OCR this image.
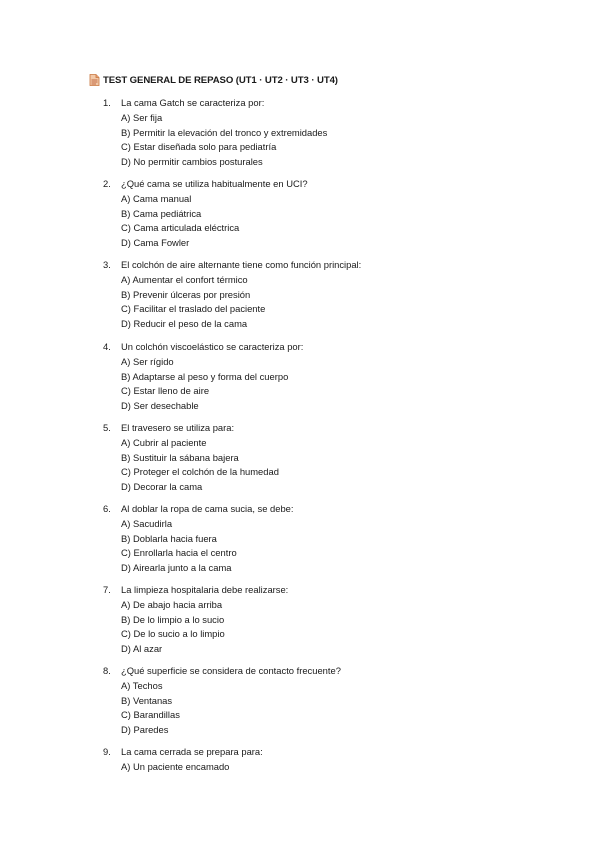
TEST GENERAL DE REPASO (UT1 · UT2 · UT3 · UT4)
1.	La cama Gatch se caracteriza por:
A) Ser fija
B) Permitir la elevación del tronco y extremidades
C) Estar diseñada solo para pediatría
D) No permitir cambios posturales
2.	¿Qué cama se utiliza habitualmente en UCI?
A) Cama manual
B) Cama pediátrica
C) Cama articulada eléctrica
D) Cama Fowler
3.	El colchón de aire alternante tiene como función principal:
A) Aumentar el confort térmico
B) Prevenir úlceras por presión
C) Facilitar el traslado del paciente
D) Reducir el peso de la cama
4.	Un colchón viscoelástico se caracteriza por:
A) Ser rígido
B) Adaptarse al peso y forma del cuerpo
C) Estar lleno de aire
D) Ser desechable
5.	El travesero se utiliza para:
A) Cubrir al paciente
B) Sustituir la sábana bajera
C) Proteger el colchón de la humedad
D) Decorar la cama
6.	Al doblar la ropa de cama sucia, se debe:
A) Sacudirla
B) Doblarla hacia fuera
C) Enrollarla hacia el centro
D) Airearla junto a la cama
7.	La limpieza hospitalaria debe realizarse:
A) De abajo hacia arriba
B) De lo limpio a lo sucio
C) De lo sucio a lo limpio
D) Al azar
8.	¿Qué superficie se considera de contacto frecuente?
A) Techos
B) Ventanas
C) Barandillas
D) Paredes
9.	La cama cerrada se prepara para:
A) Un paciente encamado
